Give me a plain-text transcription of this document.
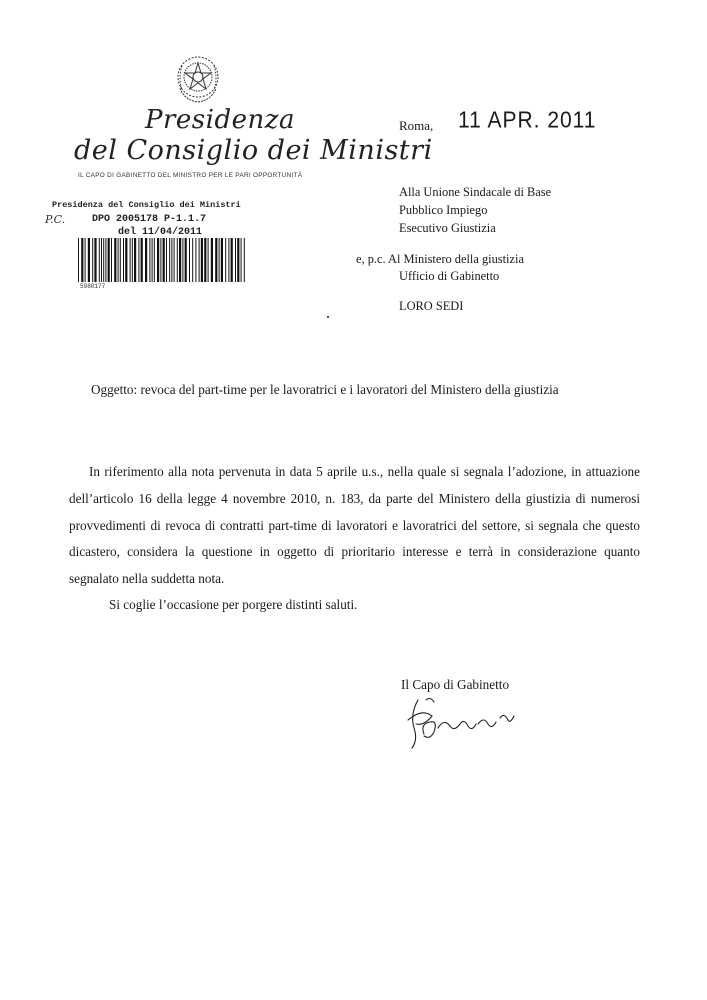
Presidenza
del Consiglio dei Ministri
IL CAPO DI GABINETTO DEL MINISTRO PER LE PARI OPPORTUNITÀ
Presidenza del Consiglio dei Ministri
P.C.	DPO 2005178 P-1.1.7
del 11/04/2011
5980177
Roma, 11 APR. 2011
Alla Unione Sindacale di Base
Pubblico Impiego
Esecutivo Giustizia
e, p.c. Al Ministero della giustizia
Ufficio di Gabinetto
LORO SEDI
Oggetto: revoca del part-time per le lavoratrici e i lavoratori del Ministero della giustizia

In riferimento alla nota pervenuta in data 5 aprile u.s., nella quale si segnala l’adozione, in attuazione dell’articolo 16 della legge 4 novembre 2010, n. 183, da parte del Ministero della giustizia di numerosi provvedimenti di revoca di contratti part-time di lavoratori e lavoratrici del settore, si segnala che questo dicastero, considera la questione in oggetto di prioritario interesse e terrà in considerazione quanto segnalato nella suddetta nota.

Si coglie l’occasione per porgere distinti saluti.
Il Capo di Gabinetto
